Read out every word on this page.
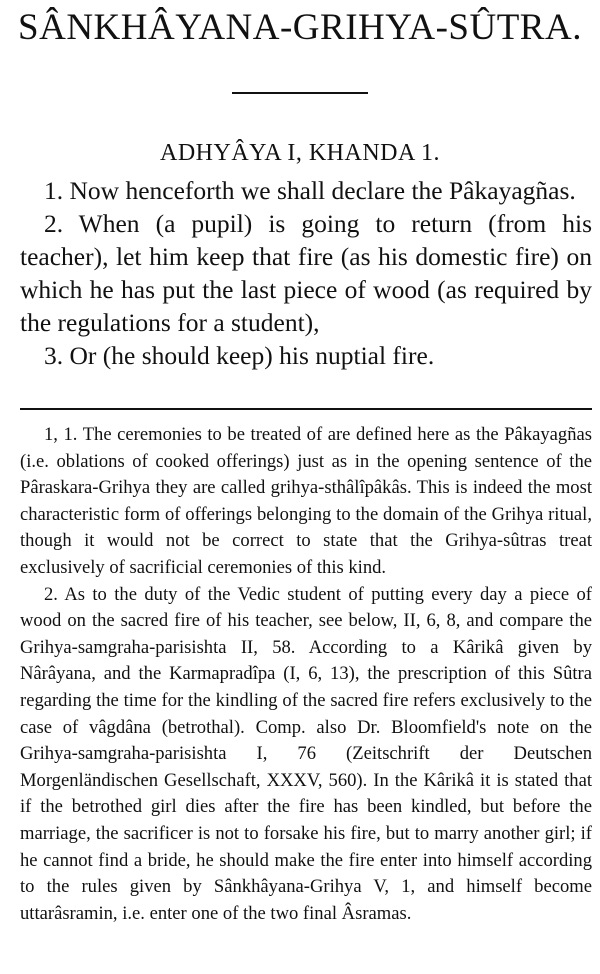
SÂNKHÂYANA-GRIHYA-SÛTRA.
ADHYÂYA I, KHANDA 1.

1. Now henceforth we shall declare the Pâkayagñas.

2. When (a pupil) is going to return (from his teacher), let him keep that fire (as his domestic fire) on which he has put the last piece of wood (as required by the regulations for a student),

3. Or (he should keep) his nuptial fire.

1, 1. The ceremonies to be treated of are defined here as the Pâkayagñas (i.e. oblations of cooked offerings) just as in the opening sentence of the Pâraskara-Grihya they are called grihya-sthâlîpâkâs. This is indeed the most characteristic form of offerings belonging to the domain of the Grihya ritual, though it would not be correct to state that the Grihya-sûtras treat exclusively of sacrificial ceremonies of this kind.

2. As to the duty of the Vedic student of putting every day a piece of wood on the sacred fire of his teacher, see below, II, 6, 8, and compare the Grihya-samgraha-parisishta II, 58. According to a Kârikâ given by Nârâyana, and the Karmapradîpa (I, 6, 13), the prescription of this Sûtra regarding the time for the kindling of the sacred fire refers exclusively to the case of vâgdâna (betrothal). Comp. also Dr. Bloomfield's note on the Grihya-samgraha-parisishta I, 76 (Zeitschrift der Deutschen Morgenländischen Gesellschaft, XXXV, 560). In the Kârikâ it is stated that if the betrothed girl dies after the fire has been kindled, but before the marriage, the sacrificer is not to forsake his fire, but to marry another girl; if he cannot find a bride, he should make the fire enter into himself according to the rules given by Sânkhâyana-Grihya V, 1, and himself become uttarâsramin, i.e. enter one of the two final Âsramas.
